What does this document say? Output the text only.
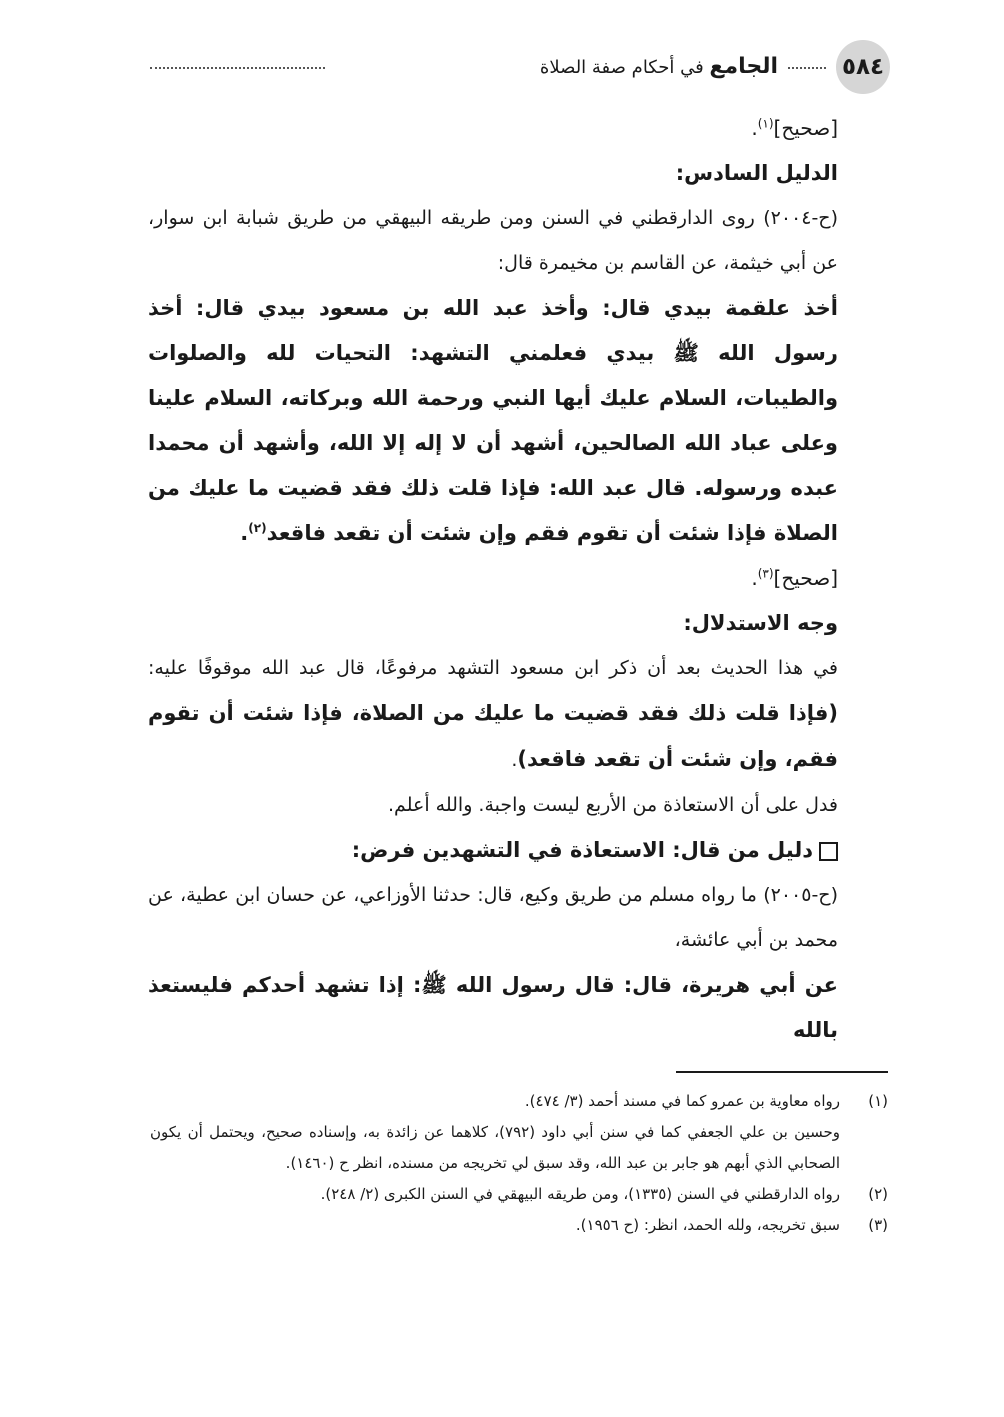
٥٨٤
الجامع في أحكام صفة الصلاة

[صحيح]$^{(١)}$.

الدليل السادس:

(ح-٢٠٠٤) روى الدارقطني في السنن ومن طريقه البيهقي من طريق شبابة ابن سوار، عن أبي خيثمة، عن القاسم بن مخيمرة قال:

أخذ علقمة بيدي قال: وأخذ عبد الله بن مسعود بيدي قال: أخذ رسول الله ﷺ بيدي فعلمني التشهد: التحيات لله والصلوات والطيبات، السلام عليك أيها النبي ورحمة الله وبركاته، السلام علينا وعلى عباد الله الصالحين، أشهد أن لا إله إلا الله، وأشهد أن محمدا عبده ورسوله. قال عبد الله: فإذا قلت ذلك فقد قضيت ما عليك من الصلاة فإذا شئت أن تقوم فقم وإن شئت أن تقعد فاقعد$^{(٢)}$.

[صحيح]$^{(٣)}$.

وجه الاستدلال:

في هذا الحديث بعد أن ذكر ابن مسعود التشهد مرفوعًا، قال عبد الله موقوفًا عليه: (فإذا قلت ذلك فقد قضيت ما عليك من الصلاة، فإذا شئت أن تقوم فقم، وإن شئت أن تقعد فاقعد).

فدل على أن الاستعاذة من الأربع ليست واجبة. والله أعلم.

دليل من قال: الاستعاذة في التشهدين فرض:

(ح-٢٠٠٥) ما رواه مسلم من طريق وكيع، قال: حدثنا الأوزاعي، عن حسان ابن عطية، عن محمد بن أبي عائشة،

عن أبي هريرة، قال: قال رسول الله ﷺ: إذا تشهد أحدكم فليستعذ بالله

(١)
رواه معاوية بن عمرو كما في مسند أحمد (٣/ ٤٧٤).
وحسين بن علي الجعفي كما في سنن أبي داود (٧٩٢)، كلاهما عن زائدة به، وإسناده صحيح، ويحتمل أن يكون الصحابي الذي أبهم هو جابر بن عبد الله، وقد سبق لي تخريجه من مسنده، انظر ح (١٤٦٠).
(٢)
رواه الدارقطني في السنن (١٣٣٥)، ومن طريقه البيهقي في السنن الكبرى (٢/ ٢٤٨).
(٣)
سبق تخريجه، ولله الحمد، انظر: (ح ١٩٥٦).
